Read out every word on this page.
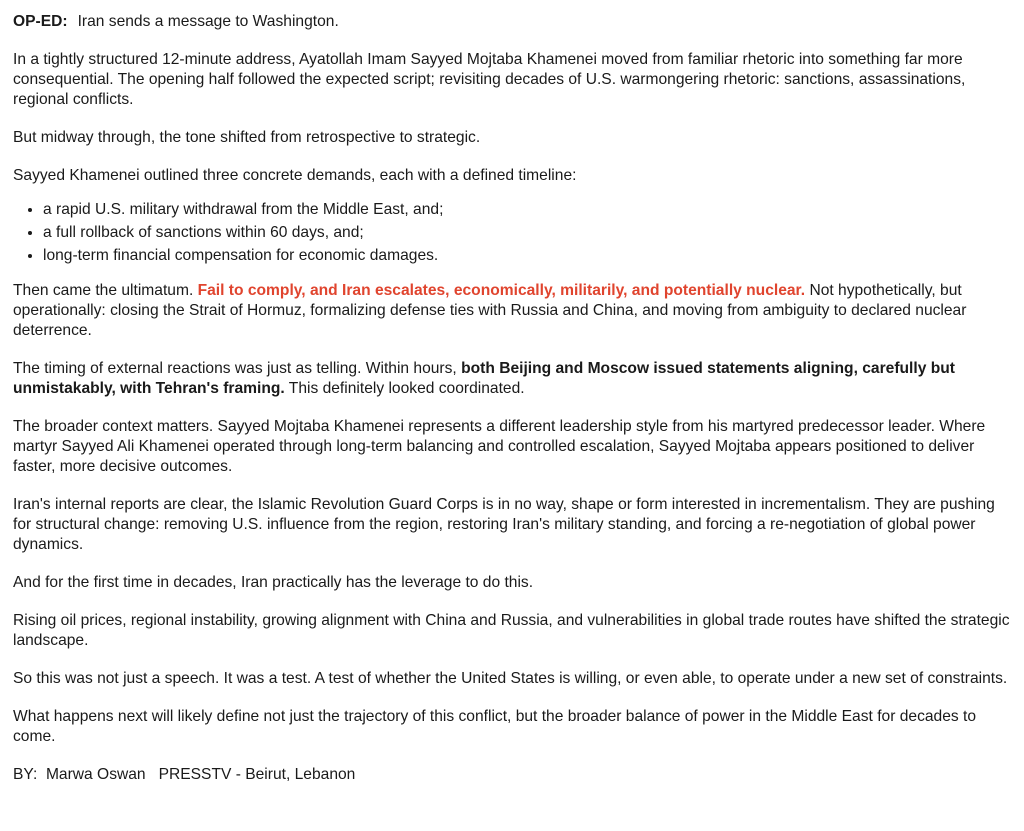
OP-ED: Iran sends a message to Washington.

In a tightly structured 12-minute address, Ayatollah Imam Sayyed Mojtaba Khamenei moved from familiar rhetoric into something far more consequential. The opening half followed the expected script; revisiting decades of U.S. warmongering rhetoric: sanctions, assassinations, regional conflicts.

But midway through, the tone shifted from retrospective to strategic.

Sayyed Khamenei outlined three concrete demands, each with a defined timeline:

• a rapid U.S. military withdrawal from the Middle East, and;
• a full rollback of sanctions within 60 days, and;
• long-term financial compensation for economic damages.

Then came the ultimatum. Fail to comply, and Iran escalates, economically, militarily, and potentially nuclear. Not hypothetically, but operationally: closing the Strait of Hormuz, formalizing defense ties with Russia and China, and moving from ambiguity to declared nuclear deterrence.

The timing of external reactions was just as telling. Within hours, both Beijing and Moscow issued statements aligning, carefully but unmistakably, with Tehran's framing. This definitely looked coordinated.

The broader context matters. Sayyed Mojtaba Khamenei represents a different leadership style from his martyred predecessor leader. Where martyr Sayyed Ali Khamenei operated through long-term balancing and controlled escalation, Sayyed Mojtaba appears positioned to deliver faster, more decisive outcomes.

Iran's internal reports are clear, the Islamic Revolution Guard Corps is in no way, shape or form interested in incrementalism. They are pushing for structural change: removing U.S. influence from the region, restoring Iran's military standing, and forcing a re-negotiation of global power dynamics.

And for the first time in decades, Iran practically has the leverage to do this.

Rising oil prices, regional instability, growing alignment with China and Russia, and vulnerabilities in global trade routes have shifted the strategic landscape.

So this was not just a speech. It was a test. A test of whether the United States is willing, or even able, to operate under a new set of constraints.

What happens next will likely define not just the trajectory of this conflict, but the broader balance of power in the Middle East for decades to come.

BY:  Marwa Oswan   PRESSTV - Beirut, Lebanon
